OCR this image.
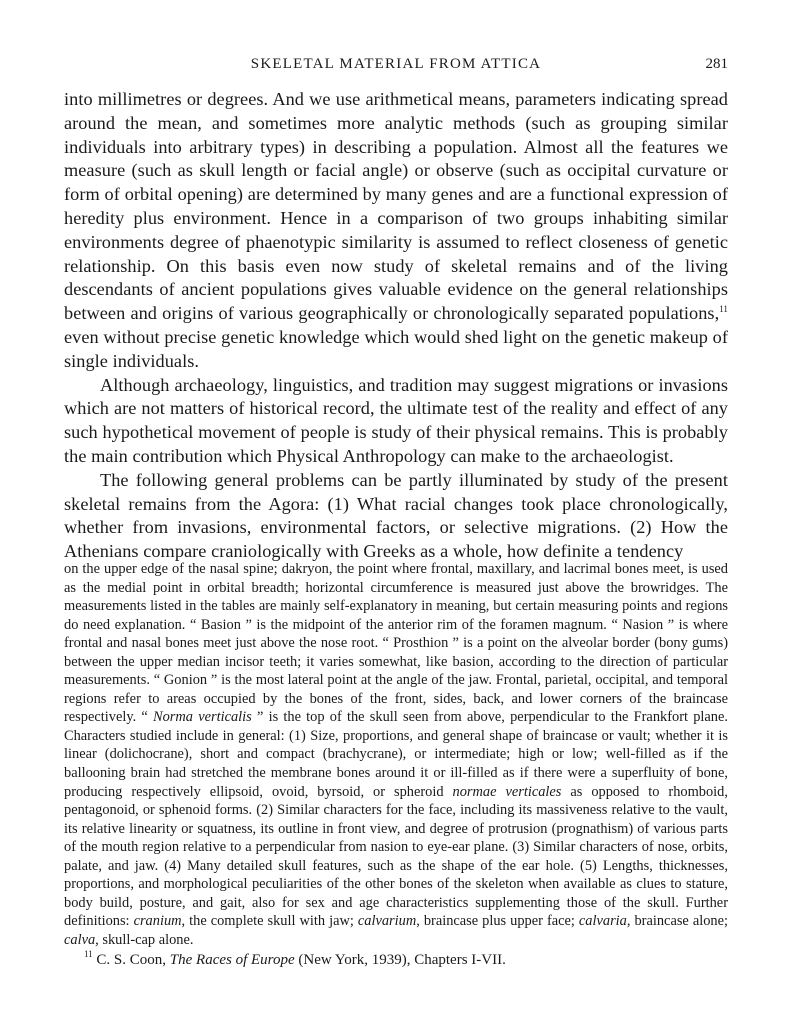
SKELETAL MATERIAL FROM ATTICA	281

into millimetres or degrees. And we use arithmetical means, parameters indicating spread around the mean, and sometimes more analytic methods (such as grouping similar individuals into arbitrary types) in describing a population. Almost all the features we measure (such as skull length or facial angle) or observe (such as occipital curvature or form of orbital opening) are determined by many genes and are a functional expression of heredity plus environment. Hence in a comparison of two groups inhabiting similar environments degree of phaenotypic similarity is assumed to reflect closeness of genetic relationship. On this basis even now study of skeletal remains and of the living descendants of ancient populations gives valuable evidence on the general relationships between and origins of various geographically or chronologically separated populations,$^{11}$ even without precise genetic knowledge which would shed light on the genetic makeup of single individuals.

Although archaeology, linguistics, and tradition may suggest migrations or invasions which are not matters of historical record, the ultimate test of the reality and effect of any such hypothetical movement of people is study of their physical remains. This is probably the main contribution which Physical Anthropology can make to the archaeologist.

The following general problems can be partly illuminated by study of the present skeletal remains from the Agora: (1) What racial changes took place chronologically, whether from invasions, environmental factors, or selective migrations. (2) How the Athenians compare craniologically with Greeks as a whole, how definite a tendency

on the upper edge of the nasal spine; dakryon, the point where frontal, maxillary, and lacrimal bones meet, is used as the medial point in orbital breadth; horizontal circumference is measured just above the browridges. The measurements listed in the tables are mainly self-explanatory in meaning, but certain measuring points and regions do need explanation. “ Basion ” is the midpoint of the anterior rim of the foramen magnum. “ Nasion ” is where frontal and nasal bones meet just above the nose root. “ Prosthion ” is a point on the alveolar border (bony gums) between the upper median incisor teeth; it varies somewhat, like basion, according to the direction of particular measurements. “ Gonion ” is the most lateral point at the angle of the jaw. Frontal, parietal, occipital, and temporal regions refer to areas occupied by the bones of the front, sides, back, and lower corners of the braincase respectively. “ Norma verticalis ” is the top of the skull seen from above, perpendicular to the Frankfort plane. Characters studied include in general: (1) Size, proportions, and general shape of braincase or vault; whether it is linear (dolichocrane), short and compact (brachycrane), or intermediate; high or low; well-filled as if the ballooning brain had stretched the membrane bones around it or ill-filled as if there were a superfluity of bone, producing respectively ellipsoid, ovoid, byrsoid, or spheroid normae verticales as opposed to rhomboid, pentagonoid, or sphenoid forms. (2) Similar characters for the face, including its massiveness relative to the vault, its relative linearity or squatness, its outline in front view, and degree of protrusion (prognathism) of various parts of the mouth region relative to a perpendicular from nasion to eye-ear plane. (3) Similar characters of nose, orbits, palate, and jaw. (4) Many detailed skull features, such as the shape of the ear hole. (5) Lengths, thicknesses, proportions, and morphological peculiarities of the other bones of the skeleton when available as clues to stature, body build, posture, and gait, also for sex and age characteristics supplementing those of the skull. Further definitions: cranium, the complete skull with jaw; calvarium, braincase plus upper face; calvaria, braincase alone; calva, skull-cap alone.

$^{11}$ C. S. Coon, The Races of Europe (New York, 1939), Chapters I-VII.
